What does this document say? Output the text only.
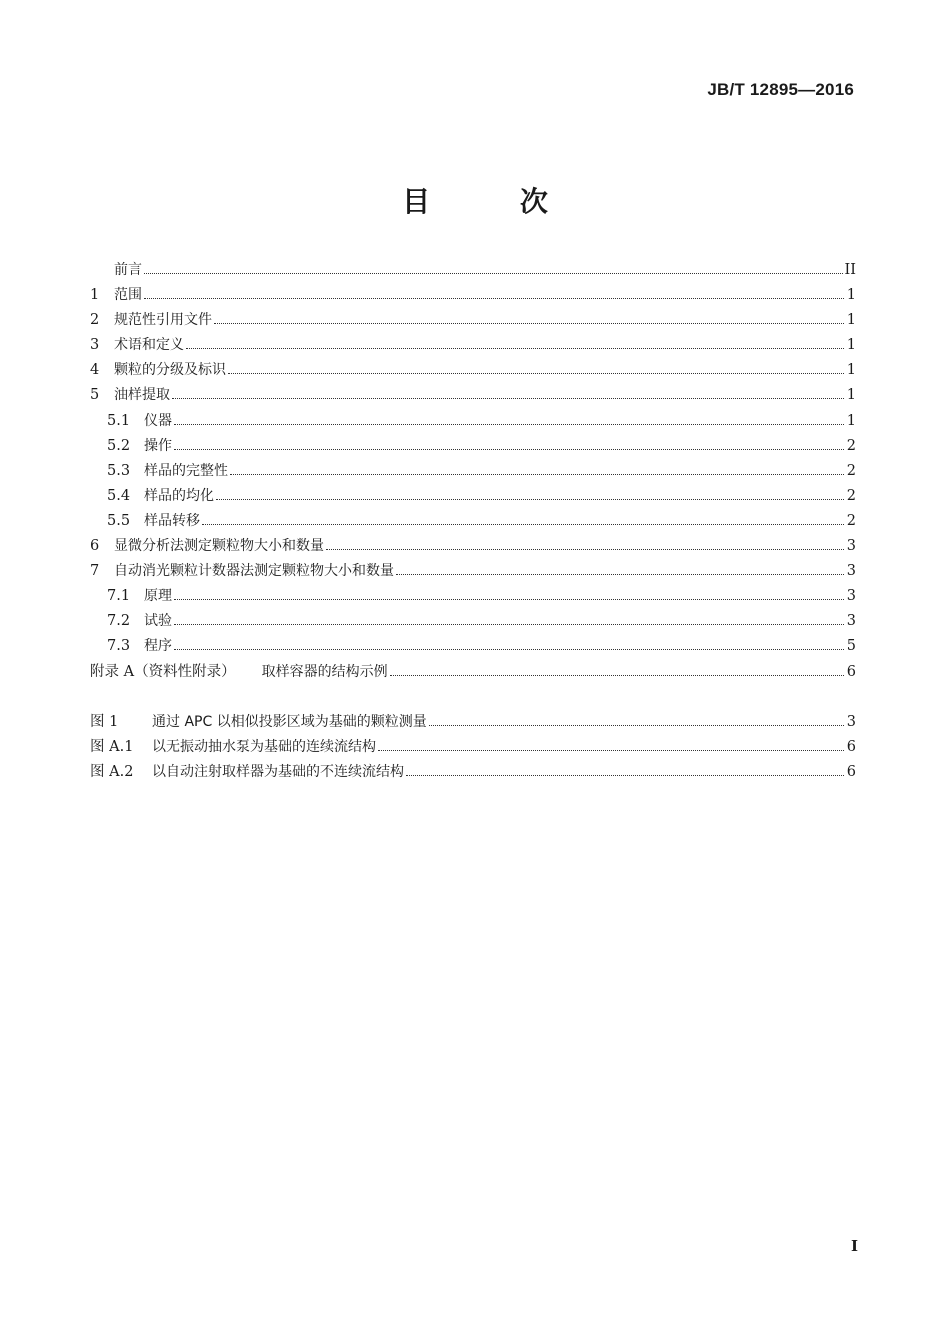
JB/T 12895—2016
目 次
前言	II
1	范围	1
2	规范性引用文件	1
3	术语和定义	1
4	颗粒的分级及标识	1
5	油样提取	1
5.1 仪器	1
5.2 操作	2
5.3 样品的完整性	2
5.4 样品的均化	2
5.5 样品转移	2
6	显微分析法测定颗粒物大小和数量	3
7	自动消光颗粒计数器法测定颗粒物大小和数量	3
7.1 原理	3
7.2 试验	3
7.3 程序	5
附录 A（资料性附录） 取样容器的结构示例	6
图 1	通过 APC 以相似投影区域为基础的颗粒测量	3
图 A.1	以无振动抽水泵为基础的连续流结构	6
图 A.2	以自动注射取样器为基础的不连续流结构	6
I
